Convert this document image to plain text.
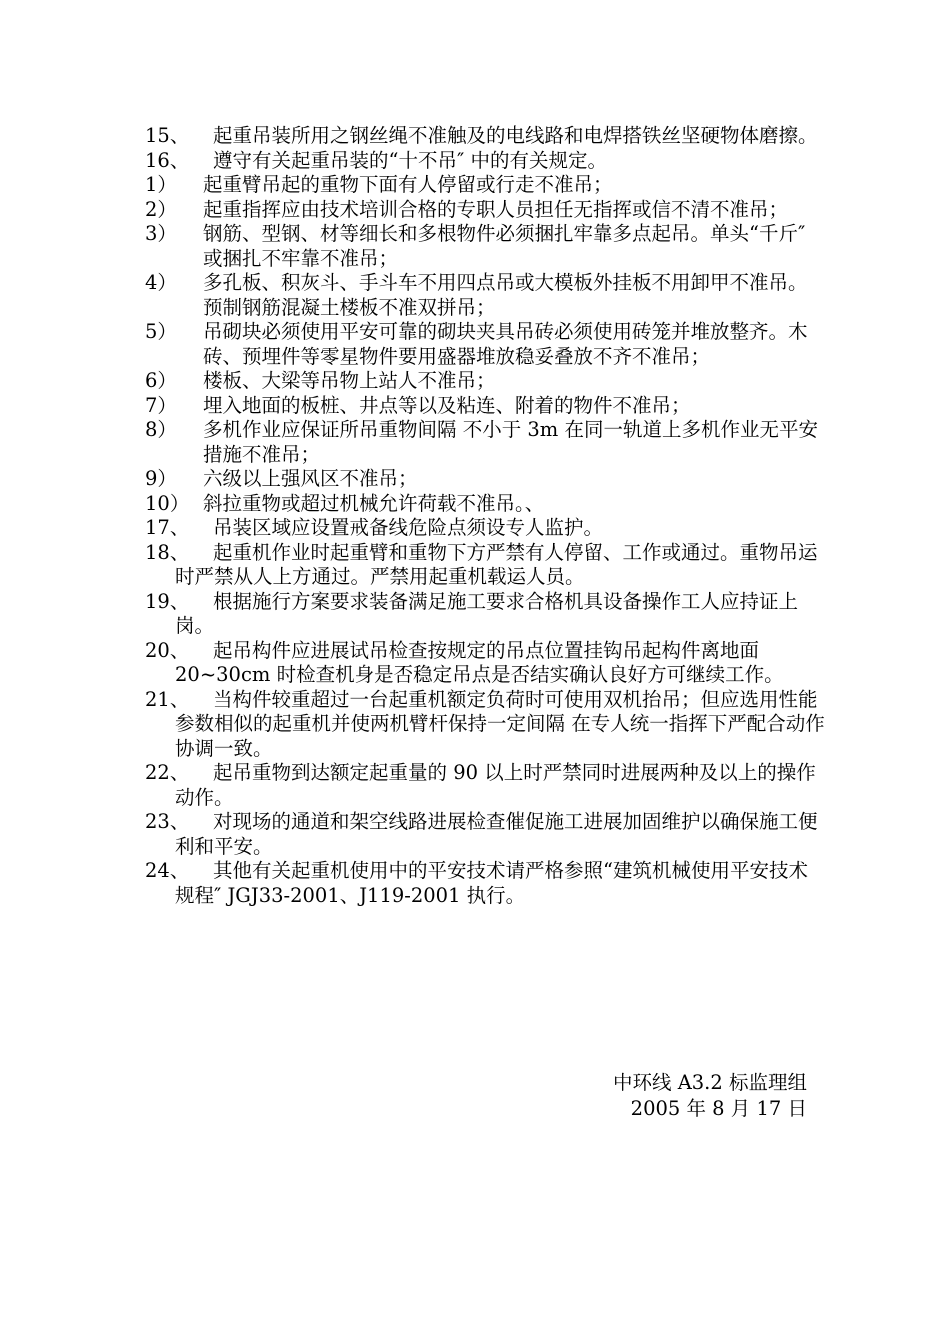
15、	起重吊装所用之钢丝绳不准触及的电线路和电焊搭铁丝坚硬物体磨擦。
16、	遵守有关起重吊装的“十不吊″ 中的有关规定。
1） 起重臂吊起的重物下面有人停留或行走不准吊；
2） 起重指挥应由技术培训合格的专职人员担任无指挥或信不清不准吊；
3） 钢筋、型钢、材等细长和多根物件必须捆扎牢靠多点起吊。单头“千斤″ 或捆扎不牢靠不准吊；
4） 多孔板、积灰斗、手斗车不用四点吊或大模板外挂板不用卸甲不准吊。预制钢筋混凝土楼板不准双拼吊；
5） 吊砌块必须使用平安可靠的砌块夹具吊砖必须使用砖笼并堆放整齐。木砖、预埋件等零星物件要用盛器堆放稳妥叠放不齐不准吊；
6） 楼板、大梁等吊物上站人不准吊；
7） 埋入地面的板桩、井点等以及粘连、附着的物件不准吊；
8） 多机作业应保证所吊重物间隔 不小于 3m 在同一轨道上多机作业无平安措施不准吊；
9） 六级以上强风区不准吊；
10） 斜拉重物或超过机械允许荷载不准吊。、
17、	吊装区域应设置戒备线危险点须设专人监护。
18、	起重机作业时起重臂和重物下方严禁有人停留、工作或通过。重物吊运时严禁从人上方通过。严禁用起重机载运人员。
19、	根据施行方案要求装备满足施工要求合格机具设备操作工人应持证上岗。
20、	起吊构件应进展试吊检查按规定的吊点位置挂钩吊起构件离地面 20~30cm 时检查机身是否稳定吊点是否结实确认良好方可继续工作。
21、	当构件较重超过一台起重机额定负荷时可使用双机抬吊；但应选用性能参数相似的起重机并使两机臂杆保持一定间隔 在专人统一指挥下严配合动作协调一致。
22、	起吊重物到达额定起重量的 90 以上时严禁同时进展两种及以上的操作动作。
23、	对现场的通道和架空线路进展检查催促施工进展加固维护以确保施工便利和平安。
24、	其他有关起重机使用中的平安技术请严格参照“建筑机械使用平安技术规程″ JGJ33-2001、J119-2001 执行。
中环线 A3.2 标监理组
2005 年 8 月 17 日
